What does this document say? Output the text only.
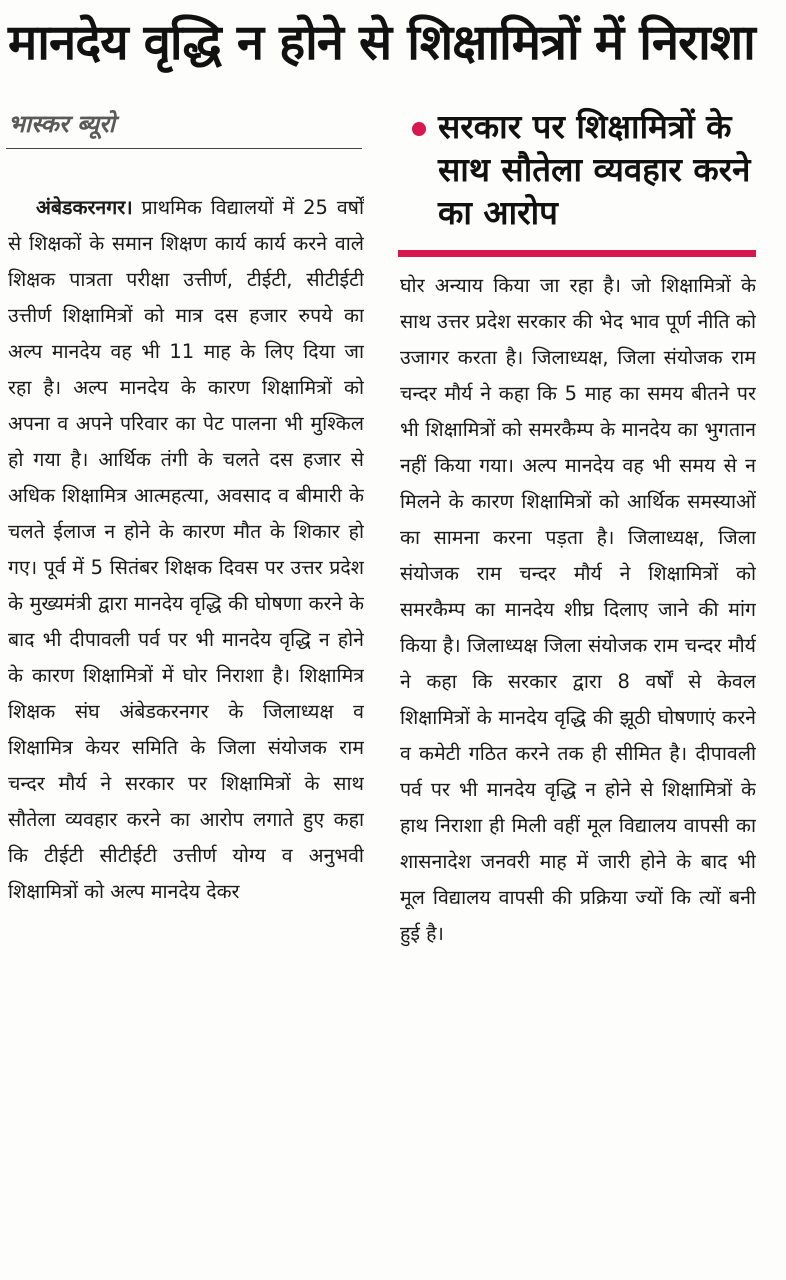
मानदेय वृद्धि न होने से शिक्षामित्रों में निराशा
भास्कर ब्यूरो	सरकार पर शिक्षामित्रों के साथ सौतेला व्यवहार करने का आरोप

अंबेडकरनगर। प्राथमिक विद्यालयों में 25 वर्षों से शिक्षकों के समान शिक्षण कार्य कार्य करने वाले शिक्षक पात्रता परीक्षा उत्तीर्ण, टीईटी, सीटीईटी उत्तीर्ण शिक्षामित्रों को मात्र दस हजार रुपये का अल्प मानदेय वह भी 11 माह के लिए दिया जा रहा है। अल्प मानदेय के कारण शिक्षामित्रों को अपना व अपने परिवार का पेट पालना भी मुश्किल हो गया है। आर्थिक तंगी के चलते दस हजार से अधिक शिक्षामित्र आत्महत्या, अवसाद व बीमारी के चलते ईलाज न होने के कारण मौत के शिकार हो गए। पूर्व में 5 सितंबर शिक्षक दिवस पर उत्तर प्रदेश के मुख्यमंत्री द्वारा मानदेय वृद्धि की घोषणा करने के बाद भी दीपावली पर्व पर भी मानदेय वृद्धि न होने के कारण शिक्षामित्रों में घोर निराशा है। शिक्षामित्र शिक्षक संघ अंबेडकरनगर के जिलाध्यक्ष व शिक्षामित्र केयर समिति के जिला संयोजक राम चन्दर मौर्य ने सरकार पर शिक्षामित्रों के साथ सौतेला व्यवहार करने का आरोप लगाते हुए कहा कि टीईटी सीटीईटी उत्तीर्ण योग्य व अनुभवी शिक्षामित्रों को अल्प मानदेय देकर

घोर अन्याय किया जा रहा है। जो शिक्षामित्रों के साथ उत्तर प्रदेश सरकार की भेद भाव पूर्ण नीति को उजागर करता है। जिलाध्यक्ष, जिला संयोजक राम चन्दर मौर्य ने कहा कि 5 माह का समय बीतने पर भी शिक्षामित्रों को समरकैम्प के मानदेय का भुगतान नहीं किया गया। अल्प मानदेय वह भी समय से न मिलने के कारण शिक्षामित्रों को आर्थिक समस्याओं का सामना करना पड़ता है। जिलाध्यक्ष, जिला संयोजक राम चन्दर मौर्य ने शिक्षामित्रों को समरकैम्प का मानदेय शीघ्र दिलाए जाने की मांग किया है। जिलाध्यक्ष जिला संयोजक राम चन्दर मौर्य ने कहा कि सरकार द्वारा 8 वर्षों से केवल शिक्षामित्रों के मानदेय वृद्धि की झूठी घोषणाएं करने व कमेटी गठित करने तक ही सीमित है। दीपावली पर्व पर भी मानदेय वृद्धि न होने से शिक्षामित्रों के हाथ निराशा ही मिली वहीं मूल विद्यालय वापसी का शासनादेश जनवरी माह में जारी होने के बाद भी मूल विद्यालय वापसी की प्रक्रिया ज्यों कि त्यों बनी हुई है।
